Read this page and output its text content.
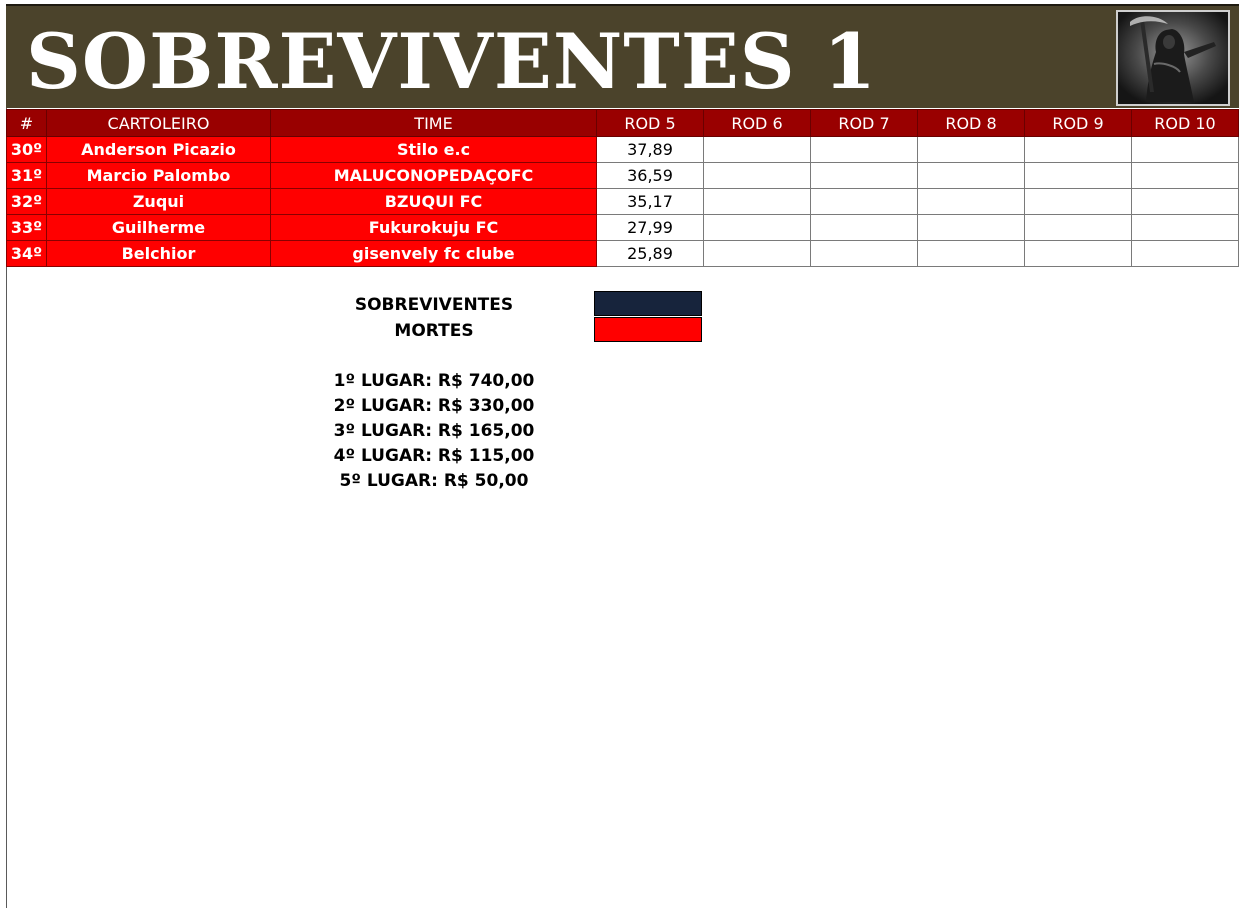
SOBREVIVENTES 1
#	CARTOLEIRO	TIME	ROD 5	ROD 6	ROD 7	ROD 8	ROD 9	ROD 10
30º	Anderson Picazio	Stilo e.c	37,89					
31º	Marcio Palombo	MALUCONOPEDAÇOFC	36,59					
32º	Zuqui	BZUQUI FC	35,17					
33º	Guilherme	Fukurokuju FC	27,99					
34º	Belchior	gisenvely fc clube	25,89					
SOBREVIVENTES
MORTES
1º LUGAR: R$ 740,00
2º LUGAR: R$ 330,00
3º LUGAR: R$ 165,00
4º LUGAR: R$ 115,00
5º LUGAR: R$ 50,00
